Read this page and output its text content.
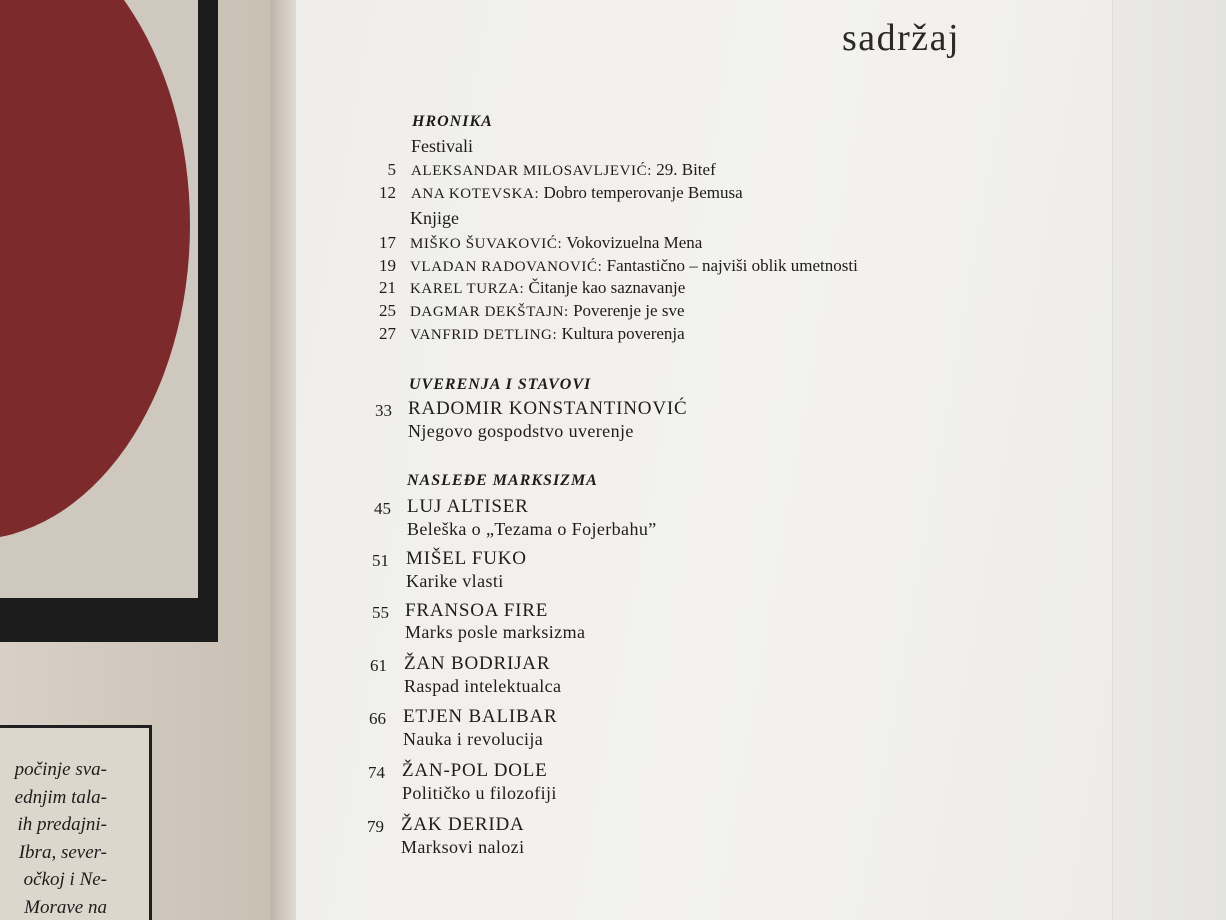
počinje sva-
ednjim tala-
ih predajni-
Ibra, sever-
očkoj i Ne-
Morave na
sadržaj
HRONIKA
Festivali
5 ALEKSANDAR MILOSAVLJEVIĆ: 29. Bitef
12 ANA KOTEVSKA: Dobro temperovanje Bemusa
Knjige
17 MIŠKO ŠUVAKOVIĆ: Vokovizuelna Mena
19 VLADAN RADOVANOVIĆ: Fantastično – najviši oblik umetnosti
21 KAREL TURZA: Čitanje kao saznavanje
25 DAGMAR DEKŠTAJN: Poverenje je sve
27 VANFRID DETLING: Kultura poverenja
UVERENJA I STAVOVI
33 RADOMIR KONSTANTINOVIĆ
Njegovo gospodstvo uverenje
NASLEĐE MARKSIZMA
45 LUJ ALTISER
Beleška o „Tezama o Fojerbahu”
51 MIŠEL FUKO
Karike vlasti
55 FRANSOA FIRE
Marks posle marksizma
61 ŽAN BODRIJAR
Raspad intelektualca
66 ETJEN BALIBAR
Nauka i revolucija
74 ŽAN-POL DOLE
Političko u filozofiji
79 ŽAK DERIDA
Marksovi nalozi
